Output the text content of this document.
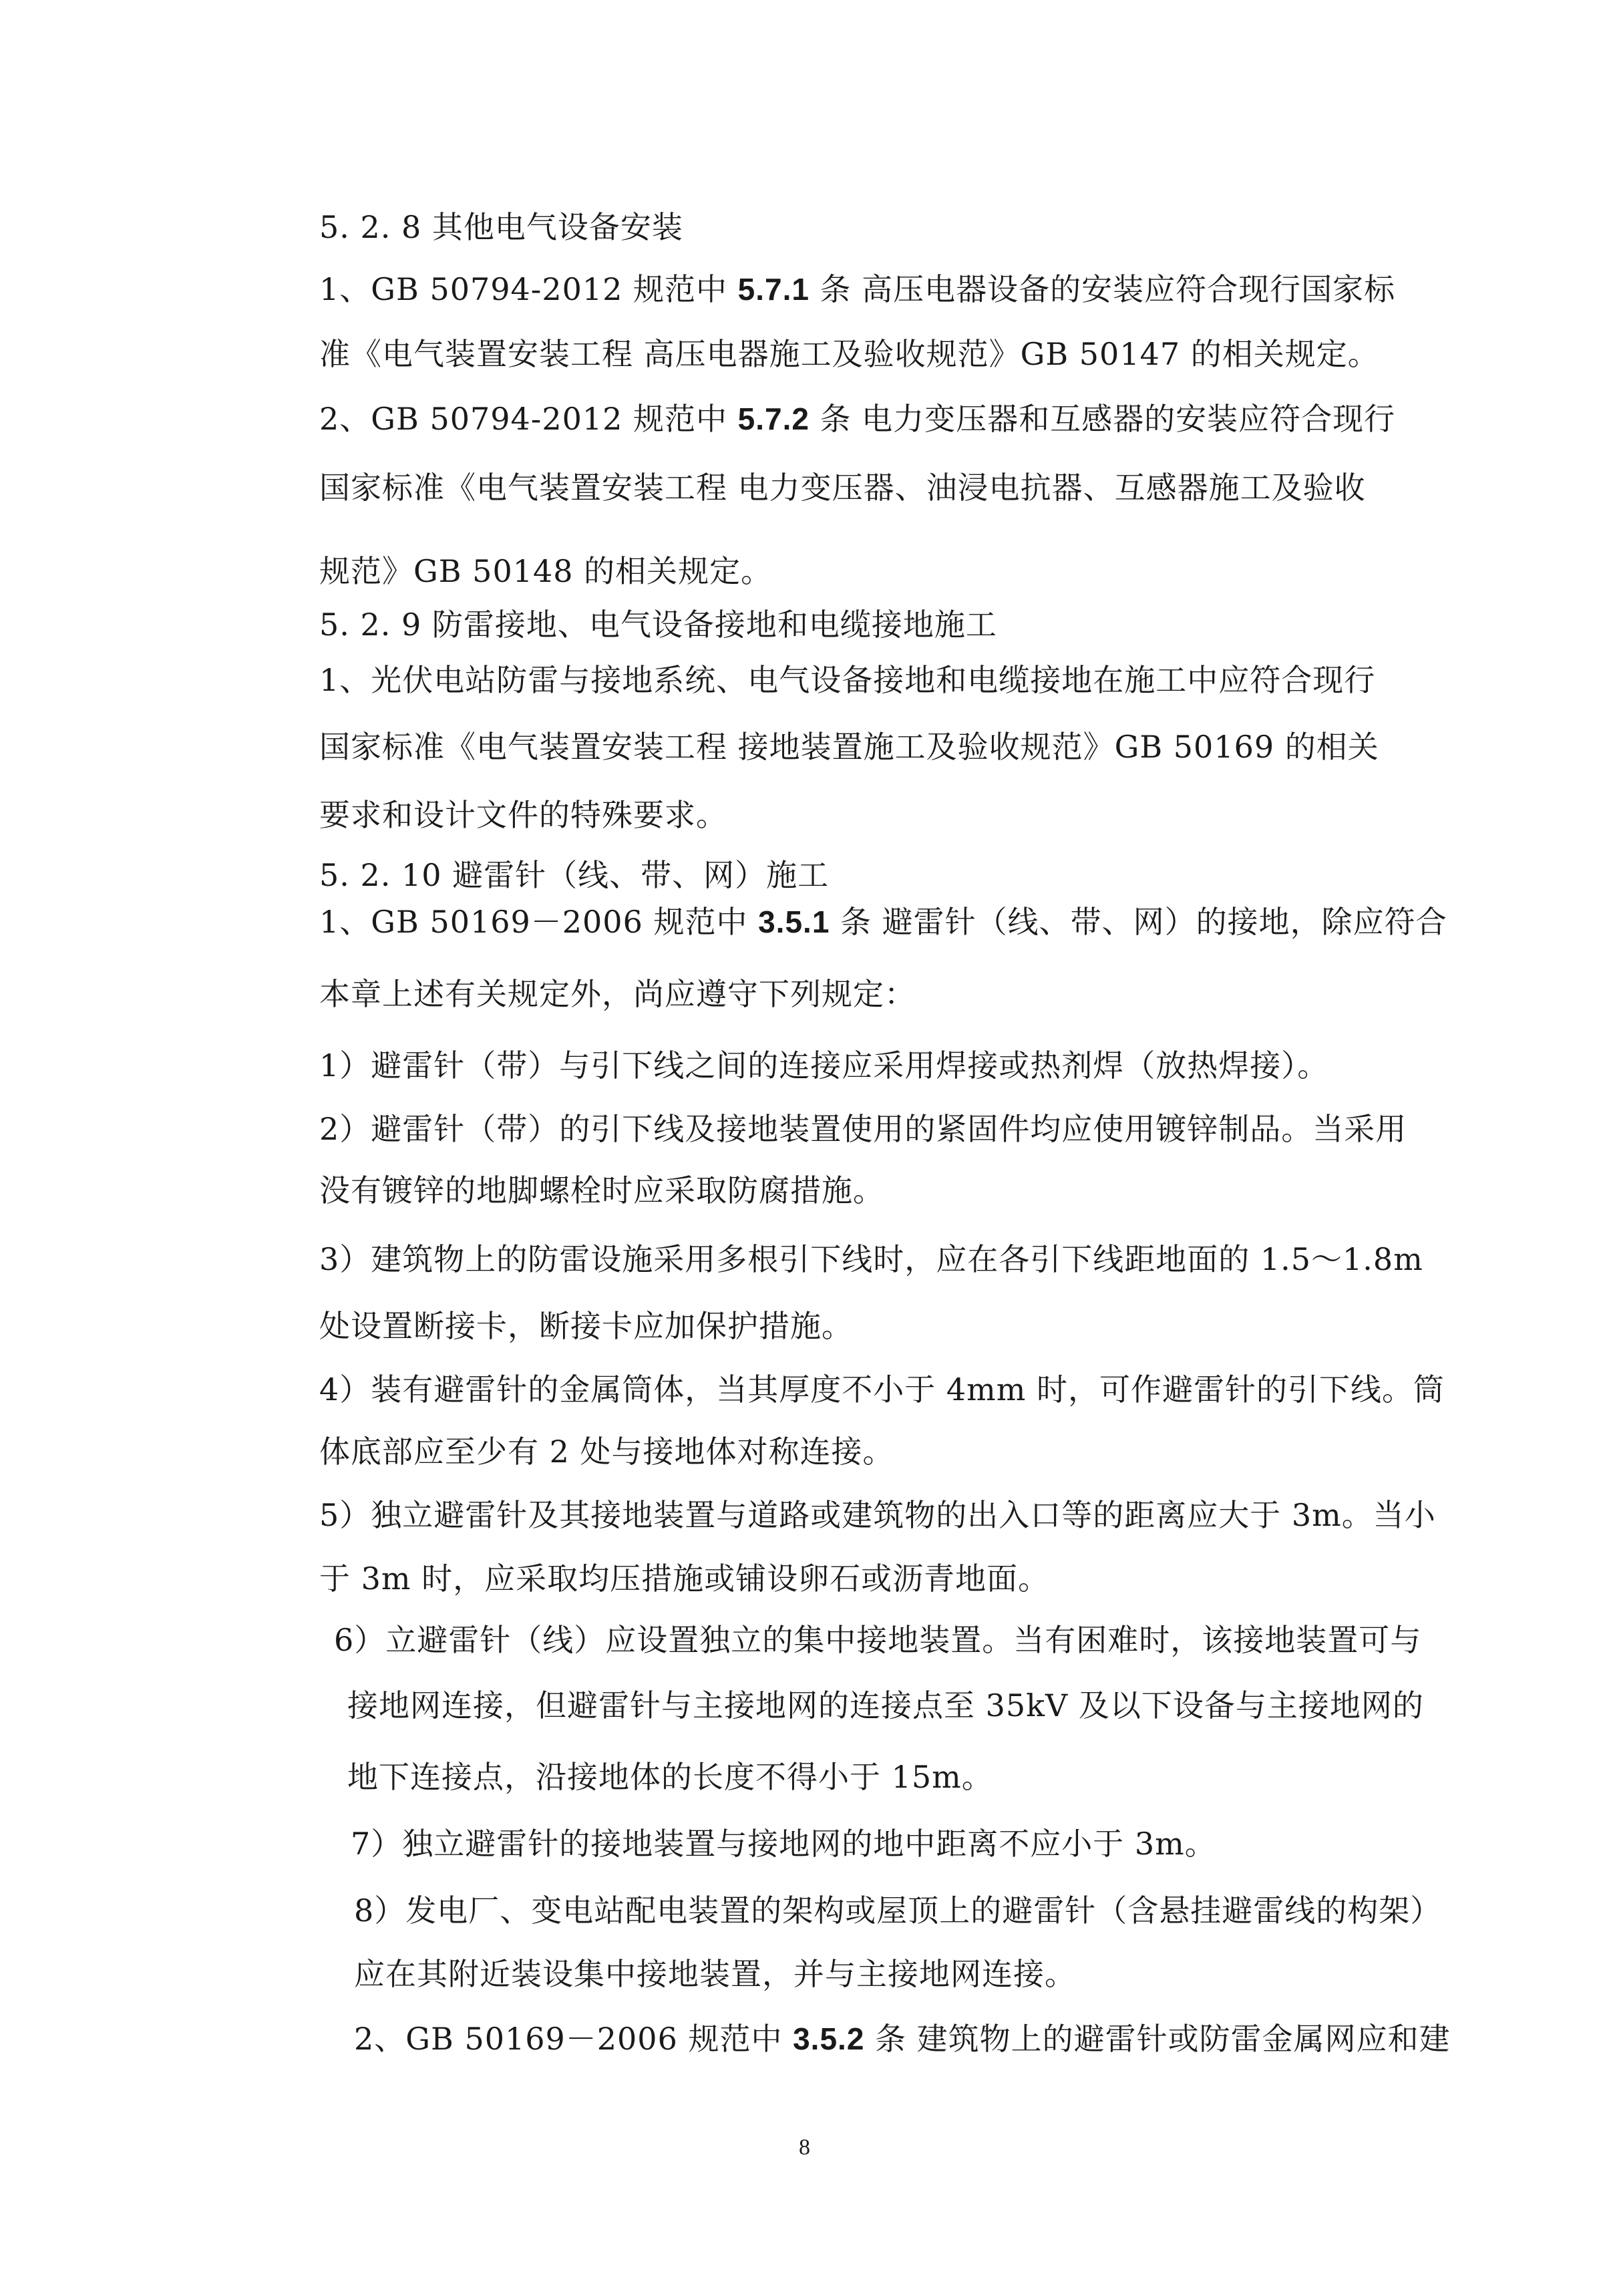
5. 2. 8 其他电气设备安装
1、GB 50794-2012 规范中 5.7.1 条 高压电器设备的安装应符合现行国家标
准《电气装置安装工程 高压电器施工及验收规范》GB 50147 的相关规定。
2、GB 50794-2012 规范中 5.7.2 条 电力变压器和互感器的安装应符合现行
国家标准《电气装置安装工程 电力变压器、油浸电抗器、互感器施工及验收
规范》GB 50148 的相关规定。
5. 2. 9 防雷接地、电气设备接地和电缆接地施工
1、光伏电站防雷与接地系统、电气设备接地和电缆接地在施工中应符合现行
国家标准《电气装置安装工程 接地装置施工及验收规范》GB 50169 的相关
要求和设计文件的特殊要求。
5. 2. 10 避雷针（线、带、网）施工
1、GB 50169－2006 规范中 3.5.1 条 避雷针（线、带、网）的接地，除应符合
本章上述有关规定外，尚应遵守下列规定：
1）避雷针（带）与引下线之间的连接应采用焊接或热剂焊（放热焊接）。
2）避雷针（带）的引下线及接地装置使用的紧固件均应使用镀锌制品。当采用
没有镀锌的地脚螺栓时应采取防腐措施。
3）建筑物上的防雷设施采用多根引下线时，应在各引下线距地面的 1.5～1.8m
处设置断接卡，断接卡应加保护措施。
4）装有避雷针的金属筒体，当其厚度不小于 4mm 时，可作避雷针的引下线。筒
体底部应至少有 2 处与接地体对称连接。
5）独立避雷针及其接地装置与道路或建筑物的出入口等的距离应大于 3m。当小
于 3m 时，应采取均压措施或铺设卵石或沥青地面。
6）立避雷针（线）应设置独立的集中接地装置。当有困难时，该接地装置可与
接地网连接，但避雷针与主接地网的连接点至 35kV 及以下设备与主接地网的
地下连接点，沿接地体的长度不得小于 15m。
7）独立避雷针的接地装置与接地网的地中距离不应小于 3m。
8）发电厂、变电站配电装置的架构或屋顶上的避雷针（含悬挂避雷线的构架）
应在其附近装设集中接地装置，并与主接地网连接。
2、GB 50169－2006 规范中 3.5.2 条 建筑物上的避雷针或防雷金属网应和建
8
